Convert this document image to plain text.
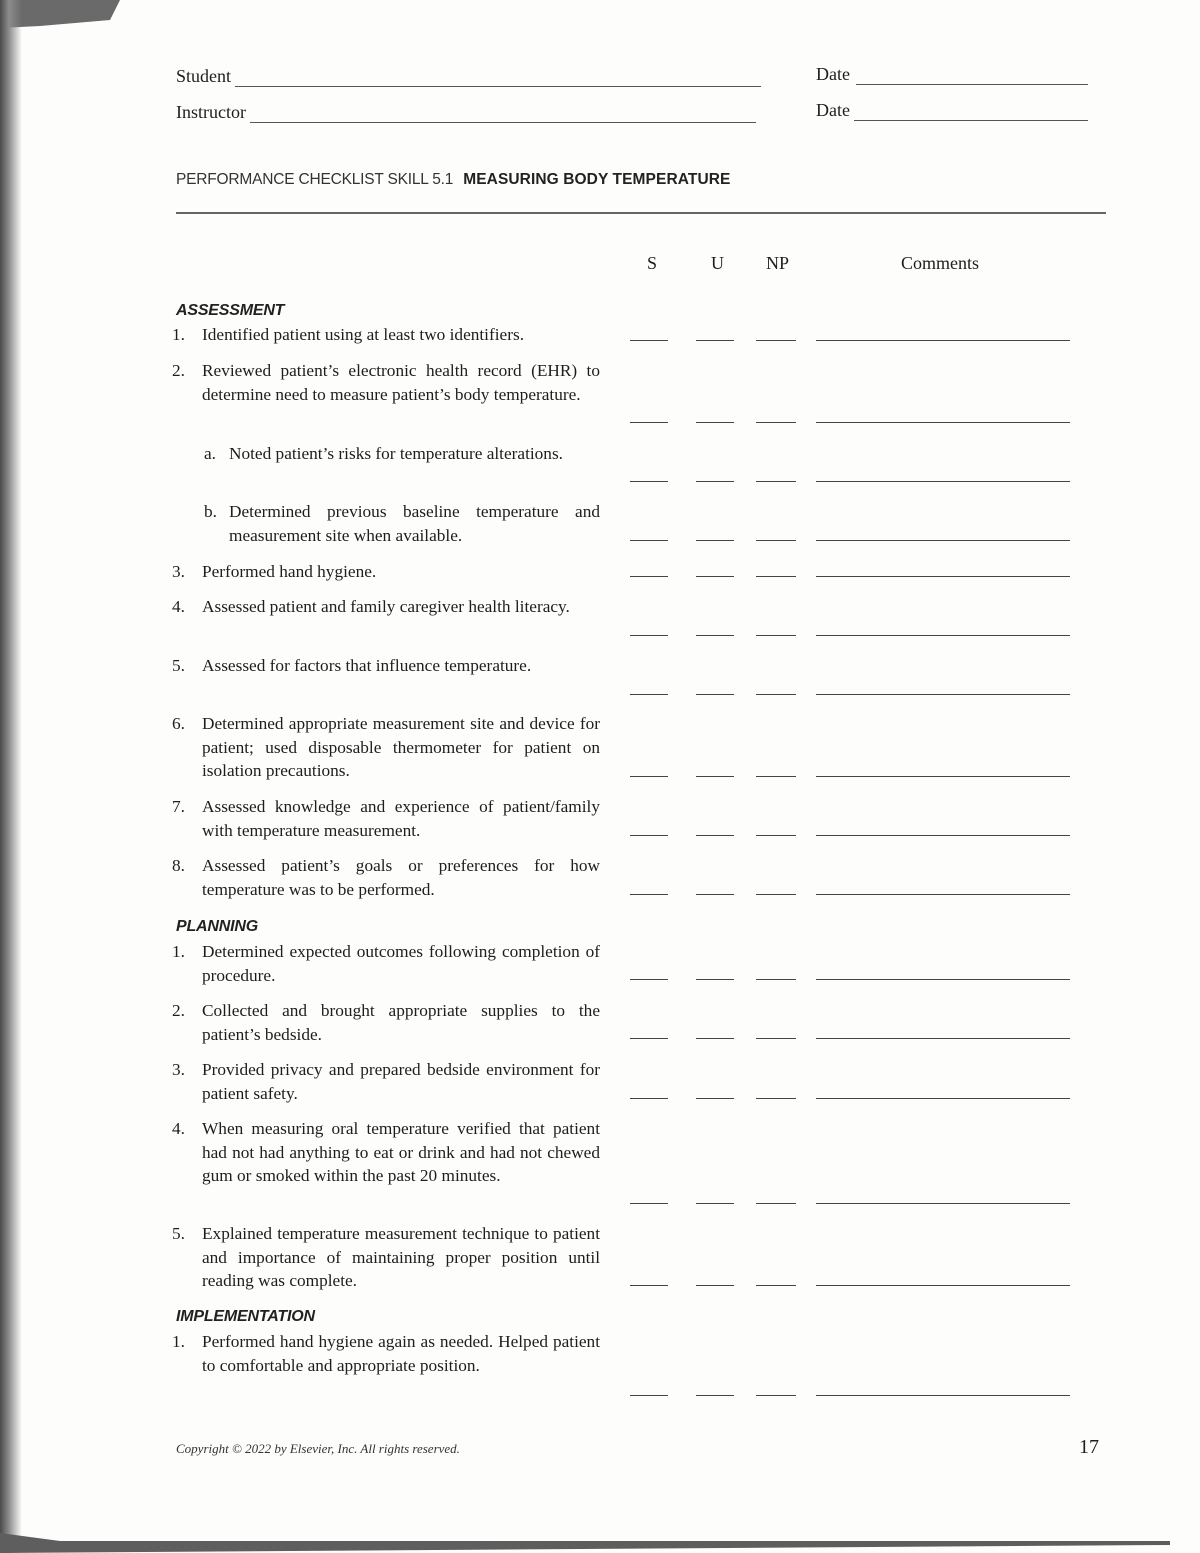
Student	Date
Instructor	Date
PERFORMANCE CHECKLIST SKILL 5.1 MEASURING BODY TEMPERATURE
S	U NP	Comments
ASSESSMENT
1. Identified patient using at least two identifiers.
2. Reviewed patient’s electronic health record (EHR) to determine need to measure patient’s body temperature.
a. Noted patient’s risks for temperature alterations.
b. Determined previous baseline temperature and measurement site when available.
3. Performed hand hygiene.
4. Assessed patient and family caregiver health literacy.
5. Assessed for factors that influence temperature.
6. Determined appropriate measurement site and device for patient; used disposable thermometer for patient on isolation precautions.
7. Assessed knowledge and experience of patient/family with temperature measurement.
8. Assessed patient’s goals or preferences for how temperature was to be performed.
PLANNING
1. Determined expected outcomes following completion of procedure.
2. Collected and brought appropriate supplies to the patient’s bedside.
3. Provided privacy and prepared bedside environment for patient safety.
4. When measuring oral temperature verified that patient had not had anything to eat or drink and had not chewed gum or smoked within the past 20 minutes.
5. Explained temperature measurement technique to patient and importance of maintaining proper position until reading was complete.
IMPLEMENTATION
1. Performed hand hygiene again as needed. Helped patient to comfortable and appropriate position.
Copyright © 2022 by Elsevier, Inc. All rights reserved.	17
